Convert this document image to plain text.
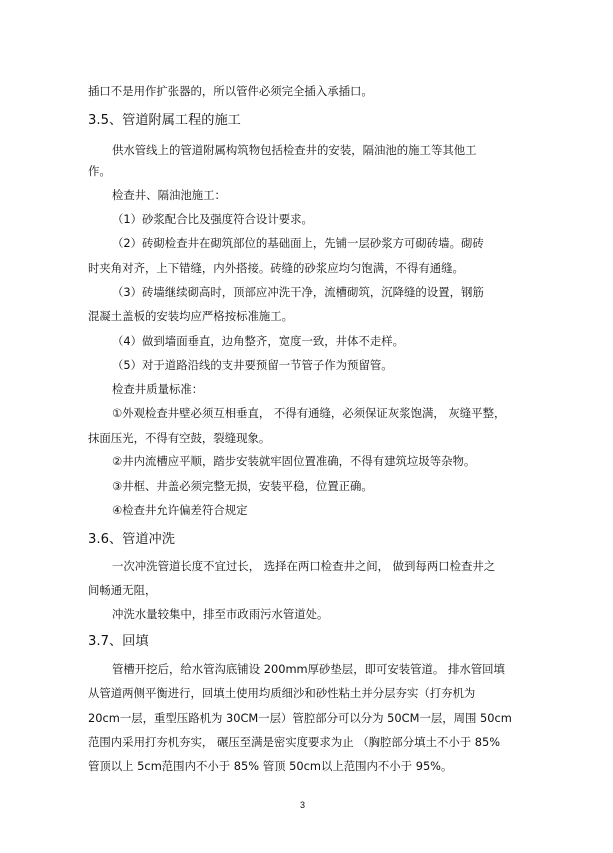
插口不是用作扩张器的，所以管件必须完全插入承插口。
3.5、管道附属工程的施工
供水管线上的管道附属构筑物包括检查井的安装，隔油池的施工等其他工
作。
检查井、隔油池施工：
（1）砂浆配合比及强度符合设计要求。
（2）砖砌检查井在砌筑部位的基础面上，先铺一层砂浆方可砌砖墙。砌砖
时夹角对齐，上下错缝，内外搭接。砖缝的砂浆应均匀饱满，不得有通缝。
（3）砖墙继续砌高时，顶部应冲洗干净，流槽砌筑，沉降缝的设置，钢筋
混凝土盖板的安装均应严格按标准施工。
（4）做到墙面垂直，边角整齐，宽度一致，井体不走样。
（5）对于道路沿线的支井要预留一节管子作为预留管。
检查井质量标准：
①外观检查井壁必须互相垂直， 不得有通缝，必须保证灰浆饱满， 灰缝平整，
抹面压光，不得有空鼓，裂缝现象。
②井内流槽应平顺，踏步安装就牢固位置准确，不得有建筑垃圾等杂物。
③井框、井盖必须完整无损，安装平稳，位置正确。
④检查井允许偏差符合规定
3.6、管道冲洗
一次冲洗管道长度不宜过长， 选择在两口检查井之间， 做到每两口检查井之
间畅通无阻，
冲洗水量较集中，排至市政雨污水管道处。
3.7、回填
管槽开挖后，给水管沟底铺设 200mm厚砂垫层，即可安装管道。 排水管回填
从管道两侧平衡进行，回填土使用均质细沙和砂性粘土并分层夯实（打夯机为
20cm一层，重型压路机为 30CM一层）管腔部分可以分为 50CM一层，周围 50cm
范围内采用打夯机夯实， 碾压至满是密实度要求为止 （胸腔部分填土不小于 85%
管顶以上 5cm范围内不小于 85% 管顶 50cm以上范围内不小于 95%。
3
